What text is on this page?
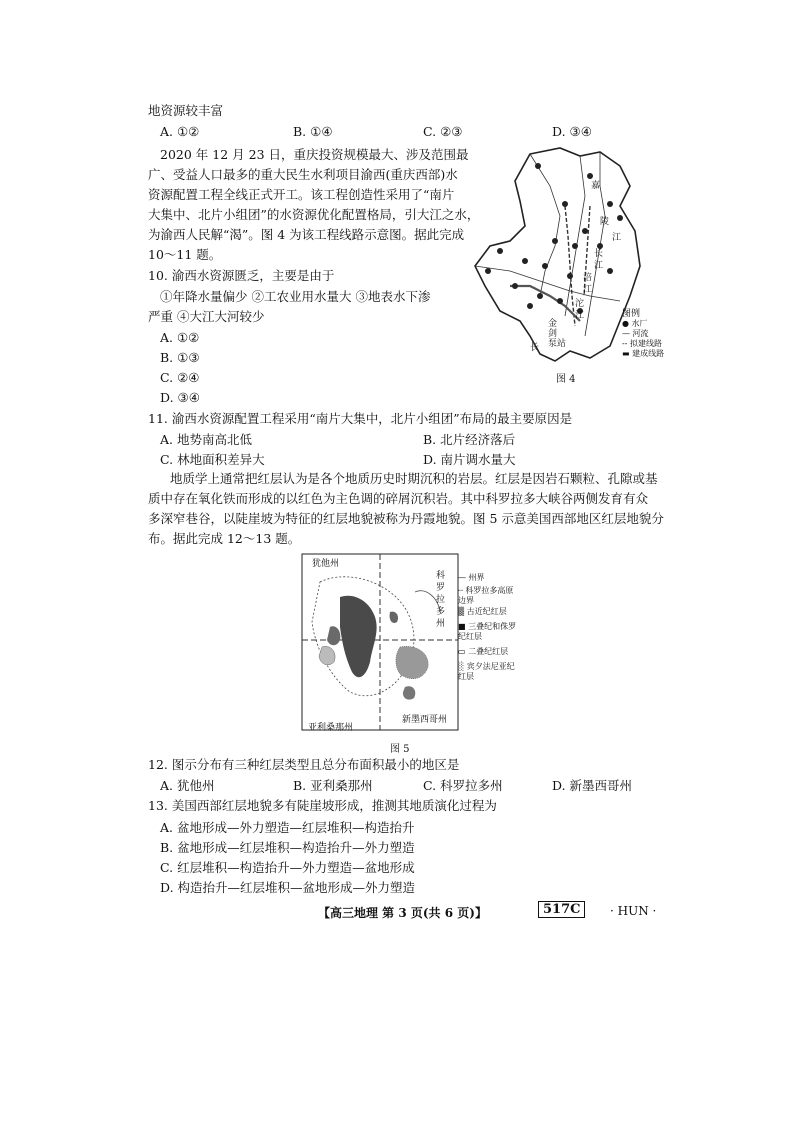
地资源较丰富
A. ①②	B. ①④	C. ②③	D. ③④
2020 年 12 月 23 日，重庆投资规模最大、涉及范围最
广、受益人口最多的重大民生水利项目渝西(重庆西部)水
资源配置工程全线正式开工。该工程创造性采用了“南片
大集中、北片小组团”的水资源优化配置格局，引大江之水，
为渝西人民解“渴”。图 4 为该工程线路示意图。据此完成
10～11 题。
10. 渝西水资源匮乏，主要是由于
①年降水量偏少 ②工农业用水量大 ③地表水下渗
严重 ④大江大河较少
A. ①②
B. ①③
C. ②④
D. ③④
嘉
陵
江
长
江
涪
江
沱
江
金
剑
泵站
长
图例
● 水厂
— 河流
-- 拟建线路
▬ 建成线路
图 4
11. 渝西水资源配置工程采用“南片大集中，北片小组团”布局的最主要原因是
A. 地势南高北低	B. 北片经济落后
C. 林地面积差异大	D. 南片调水量大
地质学上通常把红层认为是各个地质历史时期沉积的岩层。红层是因岩石颗粒、孔隙或基
质中存在氧化铁而形成的以红色为主色调的碎屑沉积岩。其中科罗拉多大峡谷两侧发育有众
多深窄巷谷，以陡崖坡为特征的红层地貌被称为丹霞地貌。图 5 示意美国西部地区红层地貌分
布。据此完成 12～13 题。
犹他州
科罗拉多州
亚利桑那州
新墨西哥州
— 州界
┈ 科罗拉多高原边界
▒ 古近纪红层
■ 三叠纪和侏罗纪红层
▭ 二叠纪红层
░ 宾夕法尼亚纪红层
图 5
12. 图示分布有三种红层类型且总分布面积最小的地区是
A. 犹他州	B. 亚利桑那州	C. 科罗拉多州	D. 新墨西哥州
13. 美国西部红层地貌多有陡崖坡形成，推测其地质演化过程为
A. 盆地形成—外力塑造—红层堆积—构造抬升
B. 盆地形成—红层堆积—构造抬升—外力塑造
C. 红层堆积—构造抬升—外力塑造—盆地形成
D. 构造抬升—红层堆积—盆地形成—外力塑造
【高三地理 第 3 页(共 6 页)】	517C	· HUN ·
